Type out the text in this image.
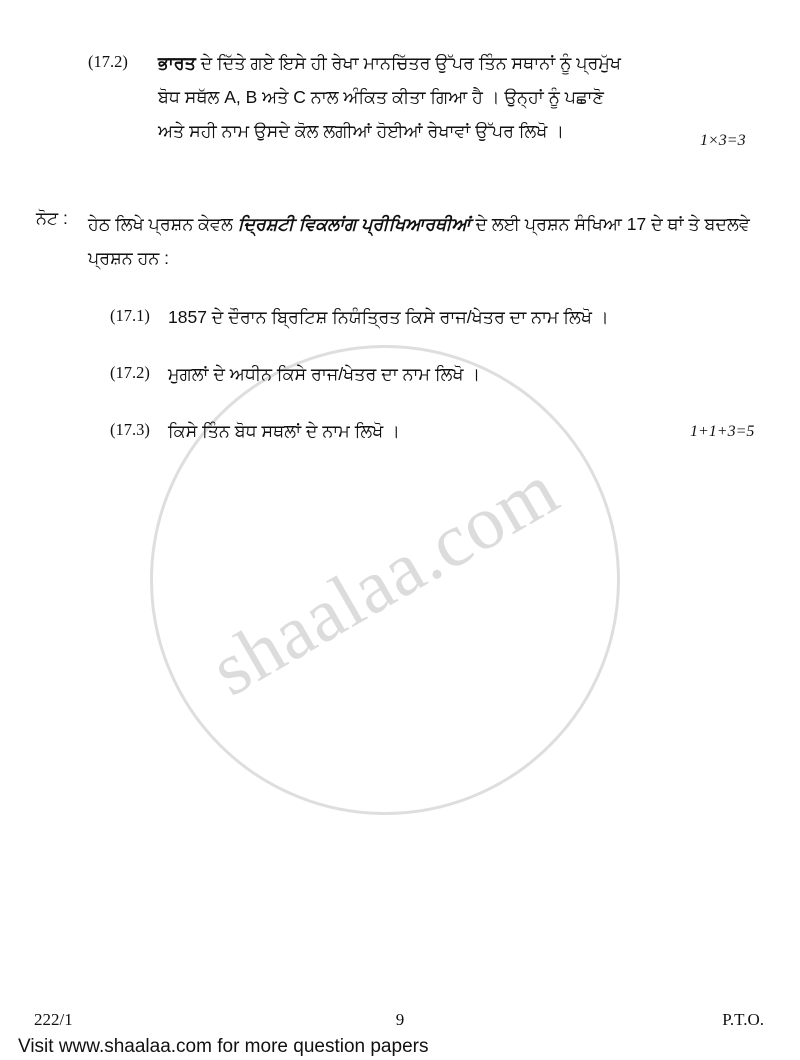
shaalaa.com
(17.2)	ਭਾਰਤ ਦੇ ਦਿੱਤੇ ਗਏ ਇਸੇ ਹੀ ਰੇਖਾ ਮਾਨਚਿੱਤਰ ਉੱਪਰ ਤਿੰਨ ਸਥਾਨਾਂ ਨੂੰ ਪ੍ਰਮੁੱਖ
ਬੋਧ ਸਥੱਲ A, B ਅਤੇ C ਨਾਲ ਅੰਕਿਤ ਕੀਤਾ ਗਿਆ ਹੈ । ਉਨ੍ਹਾਂ ਨੂੰ ਪਛਾਣੋ
ਅਤੇ ਸਹੀ ਨਾਮ ਉਸਦੇ ਕੋਲ ਲਗੀਆਂ ਹੋਈਆਂ ਰੇਖਾਵਾਂ ਉੱਪਰ ਲਿਖੋ ।	1×3=3
ਨੋਟ : ਹੇਠ ਲਿਖੇ ਪ੍ਰਸ਼ਨ ਕੇਵਲ ਦ੍ਰਿਸ਼ਟੀ ਵਿਕਲਾਂਗ ਪ੍ਰੀਖਿਆਰਥੀਆਂ ਦੇ ਲਈ ਪ੍ਰਸ਼ਨ ਸੰਖਿਆ 17 ਦੇ ਥਾਂ ਤੇ ਬਦਲਵੇ ਪ੍ਰਸ਼ਨ ਹਨ :
(17.1)	1857 ਦੇ ਦੌਰਾਨ ਬ੍ਰਿਟਿਸ਼ ਨਿਯੰਤ੍ਰਿਤ ਕਿਸੇ ਰਾਜ/ਖੇਤਰ ਦਾ ਨਾਮ ਲਿਖੋ ।
(17.2)	ਮੁਗਲਾਂ ਦੇ ਅਧੀਨ ਕਿਸੇ ਰਾਜ/ਖੇਤਰ ਦਾ ਨਾਮ ਲਿਖੋ ।
(17.3)	ਕਿਸੇ ਤਿੰਨ ਬੋਧ ਸਥਲਾਂ ਦੇ ਨਾਮ ਲਿਖੋ ।	1+1+3=5
222/1	9	P.T.O.
Visit www.shaalaa.com for more question papers
